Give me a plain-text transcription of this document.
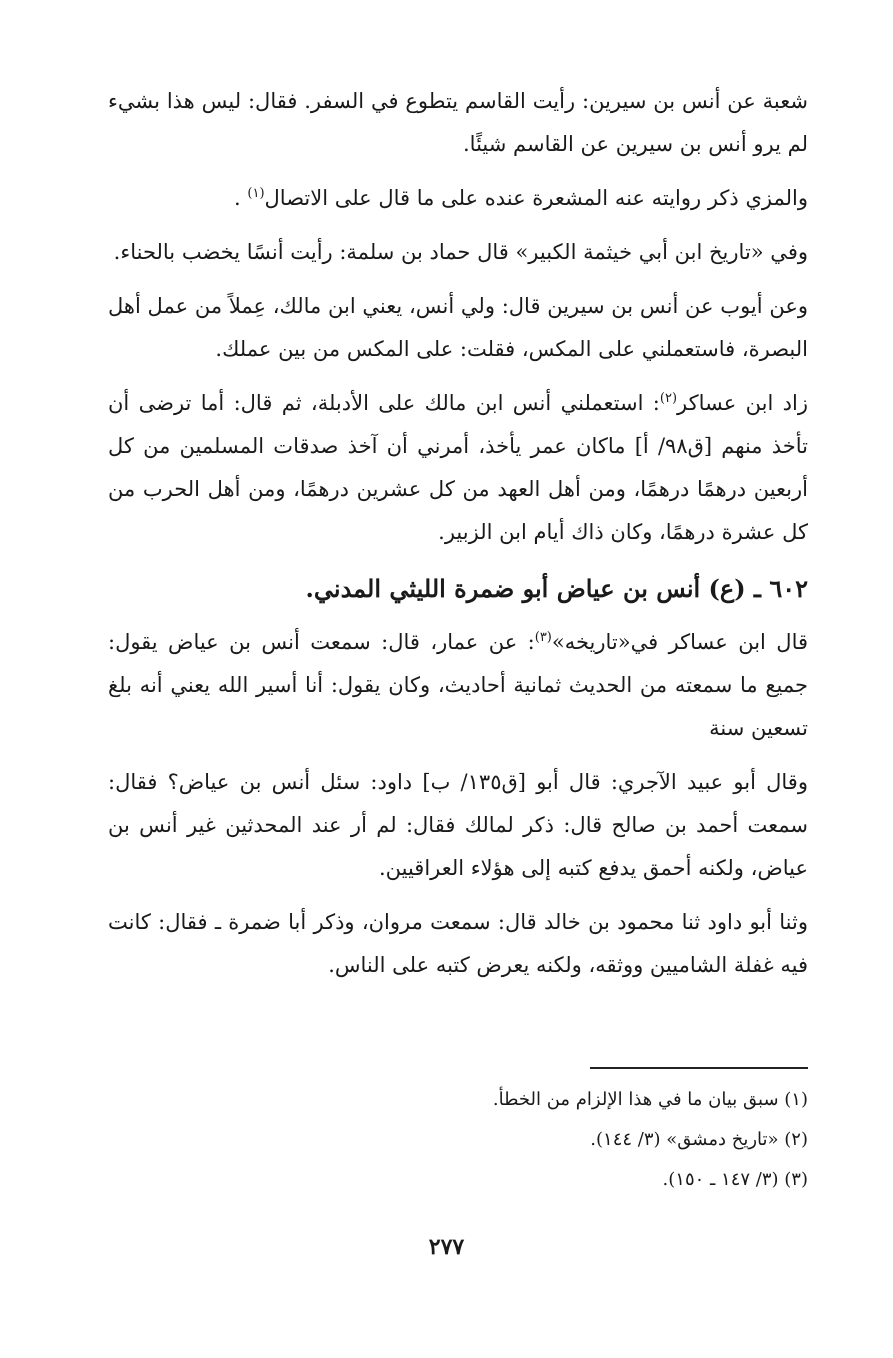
شعبة عن أنس بن سيرين: رأيت القاسم يتطوع في السفر. فقال: ليس هذا بشيء لم يرو أنس بن سيرين عن القاسم شيئًا.

والمزي ذكر روايته عنه المشعرة عنده على ما قال على الاتصال$^{(١)}$ .

وفي «تاريخ ابن أبي خيثمة الكبير» قال حماد بن سلمة: رأيت أنسًا يخضب بالحناء.

وعن أيوب عن أنس بن سيرين قال: ولي أنس، يعني ابن مالك، عِملاً من عمل أهل البصرة، فاستعملني على المكس، فقلت: على المكس من بين عملك.

زاد ابن عساكر$^{(٢)}$: استعملني أنس ابن مالك على الأدبلة، ثم قال: أما ترضى أن تأخذ منهم [ق٩٨/ أ] ماكان عمر يأخذ، أمرني أن آخذ صدقات المسلمين من كل أربعين درهمًا درهمًا، ومن أهل العهد من كل عشرين درهمًا، ومن أهل الحرب من كل عشرة درهمًا، وكان ذاك أيام ابن الزبير.

٦٠٢ ـ (ع) أنس بن عياض أبو ضمرة الليثي المدني.

قال ابن عساكر في«تاريخه»$^{(٣)}$: عن عمار، قال: سمعت أنس بن عياض يقول: جميع ما سمعته من الحديث ثمانية أحاديث، وكان يقول: أنا أسير الله يعني أنه بلغ تسعين سنة

وقال أبو عبيد الآجري: قال أبو [ق١٣٥/ ب] داود: سئل أنس بن عياض؟ فقال: سمعت أحمد بن صالح قال: ذكر لمالك فقال: لم أر عند المحدثين غير أنس بن عياض، ولكنه أحمق يدفع كتبه إلى هؤلاء العراقيين.

وثنا أبو داود ثنا محمود بن خالد قال: سمعت مروان، وذكر أبا ضمرة ـ فقال: كانت فيه غفلة الشاميين ووثقه، ولكنه يعرض كتبه على الناس.

(١) سبق بيان ما في هذا الإلزام من الخطأ.

(٢) «تاريخ دمشق» (٣/ ١٤٤).

(٣) (٣/ ١٤٧ ـ ١٥٠).

٢٧٧
